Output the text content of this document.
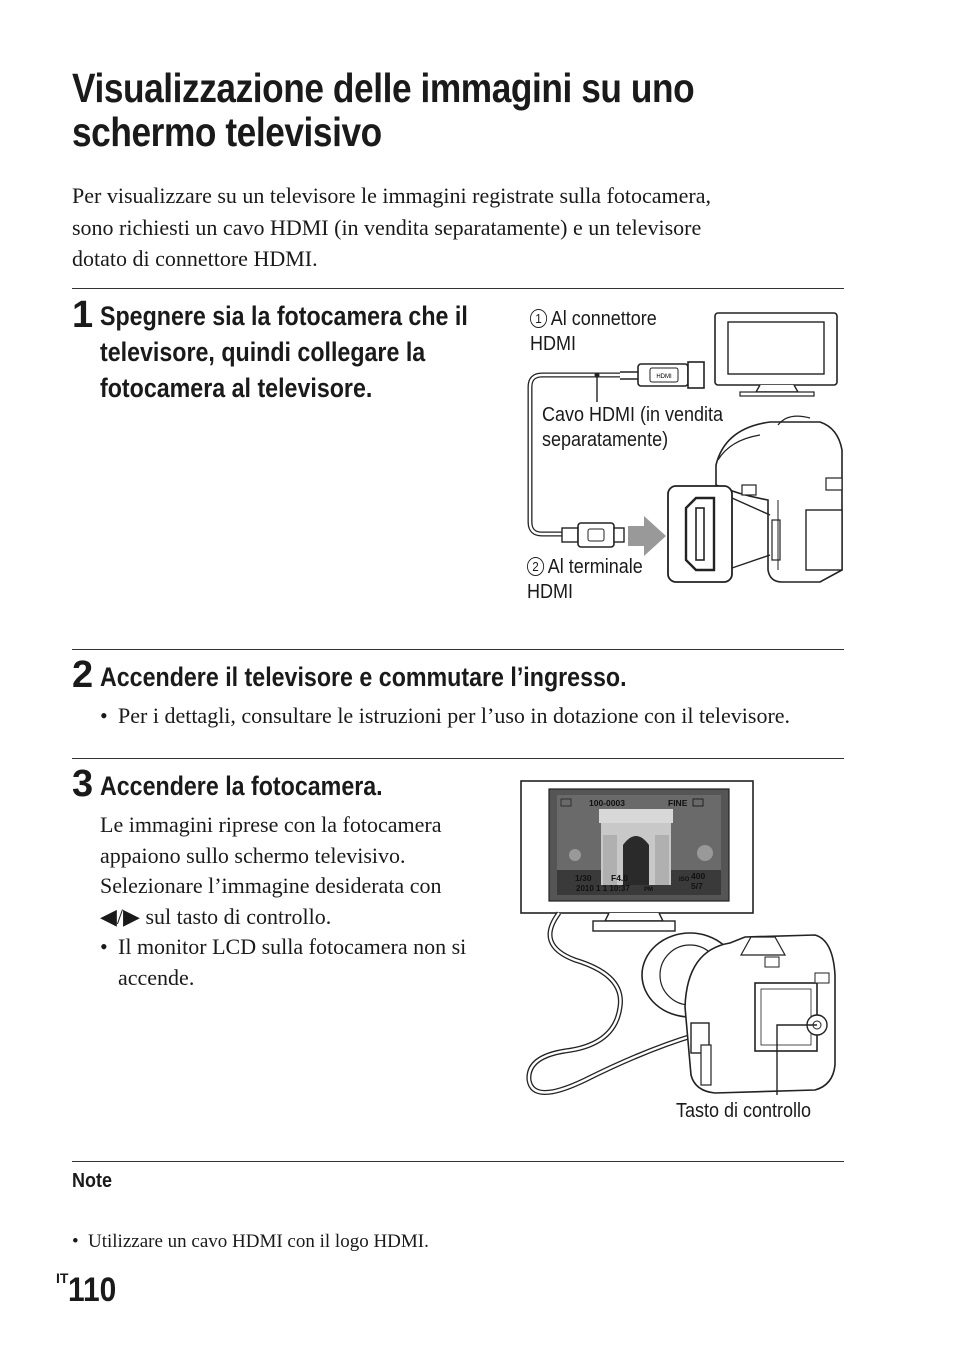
Visualizzazione delle immagini su uno
schermo televisivo
Per visualizzare su un televisore le immagini registrate sulla fotocamera,
sono richiesti un cavo HDMI (in vendita separatamente) e un televisore
dotato di connettore HDMI.
1 Spegnere sia la fotocamera che il
televisore, quindi collegare la
fotocamera al televisore.	HDMI
1 Al connettore
HDMI
Cavo HDMI (in vendita
separatamente)
2 Al terminale
HDMI
2 Accendere il televisore e commutare l’ingresso.
• Per i dettagli, consultare le istruzioni per l’uso in dotazione con il televisore.
3 Accendere la fotocamera.
Le immagini riprese con la fotocamera
appaiono sullo schermo televisivo.
Selezionare l’immagine desiderata con
◀/▶ sul tasto di controllo.
• Il monitor LCD sulla fotocamera non si
accende.
100-0003	FINE
1/30 F4.0	ISO 400
2010 1 1 10:37 PM	5/7
Tasto di controllo
Note
• Utilizzare un cavo HDMI con il logo HDMI.
IT110
